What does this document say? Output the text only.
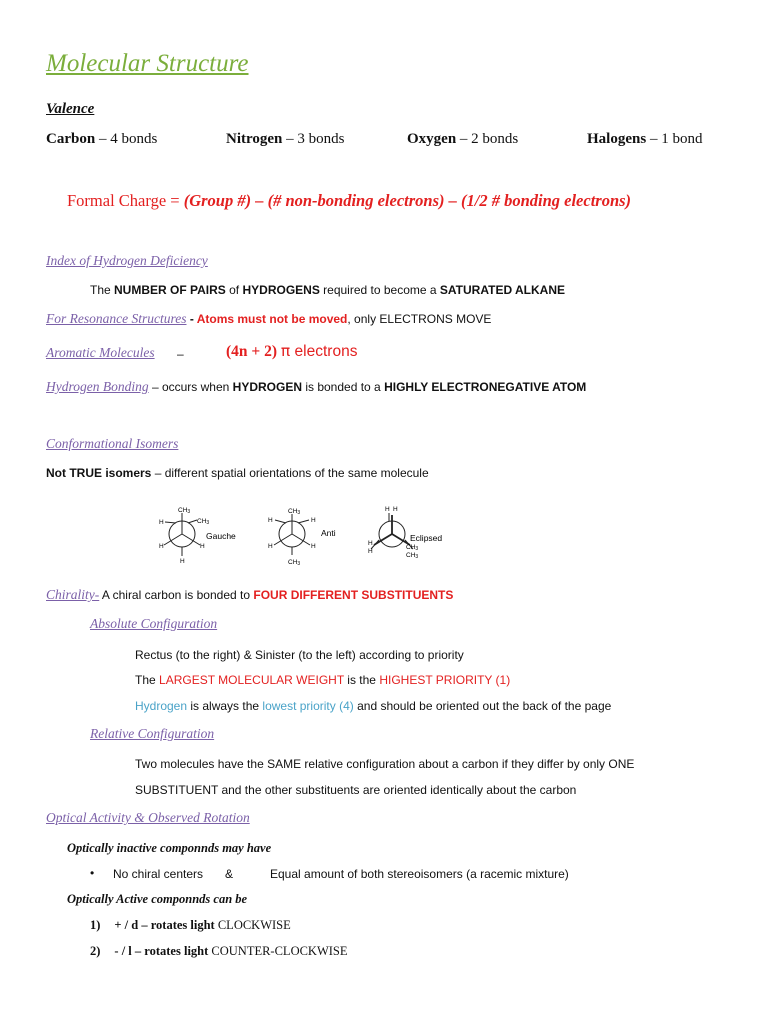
Molecular Structure
Valence
Carbon – 4 bonds	Nitrogen – 3 bonds	Oxygen – 2 bonds	Halogens – 1 bond
Formal Charge = (Group #) – (# non-bonding electrons) – (1/2 # bonding electrons)
Index of Hydrogen Deficiency
The NUMBER OF PAIRS of HYDROGENS required to become a SATURATED ALKANE
For Resonance Structures - Atoms must not be moved, only ELECTRONS MOVE
Aromatic Molecules –	(4n + 2) π electrons
Hydrogen Bonding – occurs when HYDROGEN is bonded to a HIGHLY ELECTRONEGATIVE ATOM
Conformational Isomers
Not TRUE isomers – different spatial orientations of the same molecule
CH3
CH3
H
H	H
H
Gauche
CH3
CH3
H	H
H	H
Anti
H H
H
H
CH3
CH3
Eclipsed
Chirality- A chiral carbon is bonded to FOUR DIFFERENT SUBSTITUENTS
Absolute Configuration
Rectus (to the right) & Sinister (to the left) according to priority
The LARGEST MOLECULAR WEIGHT is the HIGHEST PRIORITY (1)
Hydrogen is always the lowest priority (4) and should be oriented out the back of the page
Relative Configuration
Two molecules have the SAME relative configuration about a carbon if they differ by only ONE
SUBSTITUENT and the other substituents are oriented identically about the carbon
Optical Activity & Observed Rotation
Optically inactive componnds may have
• No chiral centers &	Equal amount of both stereoisomers (a racemic mixture)
Optically Active componnds can be
1) + / d – rotates light CLOCKWISE
2) - / l – rotates light COUNTER-CLOCKWISE
